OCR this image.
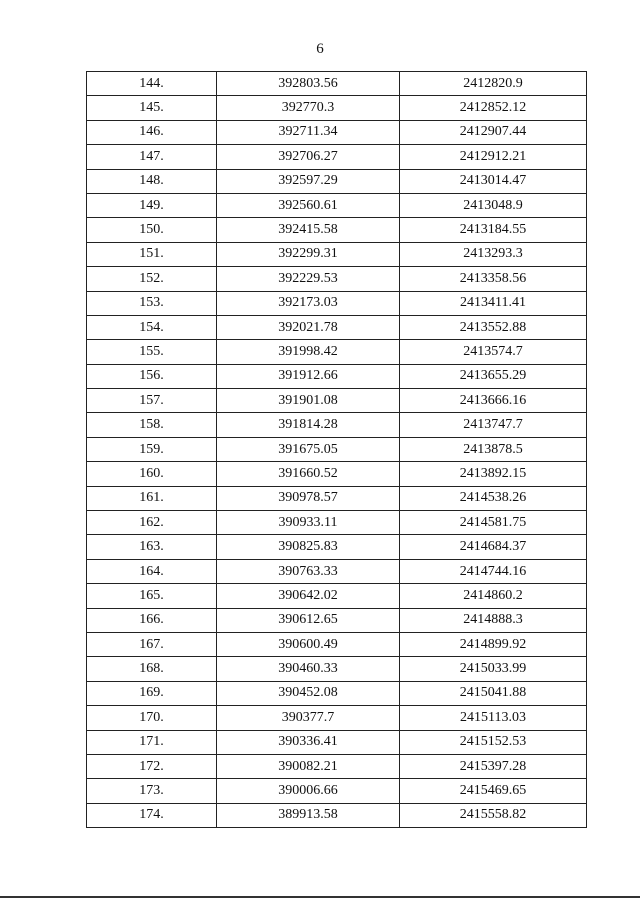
6
144.	392803.56	2412820.9
145.	392770.3	2412852.12
146.	392711.34	2412907.44
147.	392706.27	2412912.21
148.	392597.29	2413014.47
149.	392560.61	2413048.9
150.	392415.58	2413184.55
151.	392299.31	2413293.3
152.	392229.53	2413358.56
153.	392173.03	2413411.41
154.	392021.78	2413552.88
155.	391998.42	2413574.7
156.	391912.66	2413655.29
157.	391901.08	2413666.16
158.	391814.28	2413747.7
159.	391675.05	2413878.5
160.	391660.52	2413892.15
161.	390978.57	2414538.26
162.	390933.11	2414581.75
163.	390825.83	2414684.37
164.	390763.33	2414744.16
165.	390642.02	2414860.2
166.	390612.65	2414888.3
167.	390600.49	2414899.92
168.	390460.33	2415033.99
169.	390452.08	2415041.88
170.	390377.7	2415113.03
171.	390336.41	2415152.53
172.	390082.21	2415397.28
173.	390006.66	2415469.65
174.	389913.58	2415558.82
